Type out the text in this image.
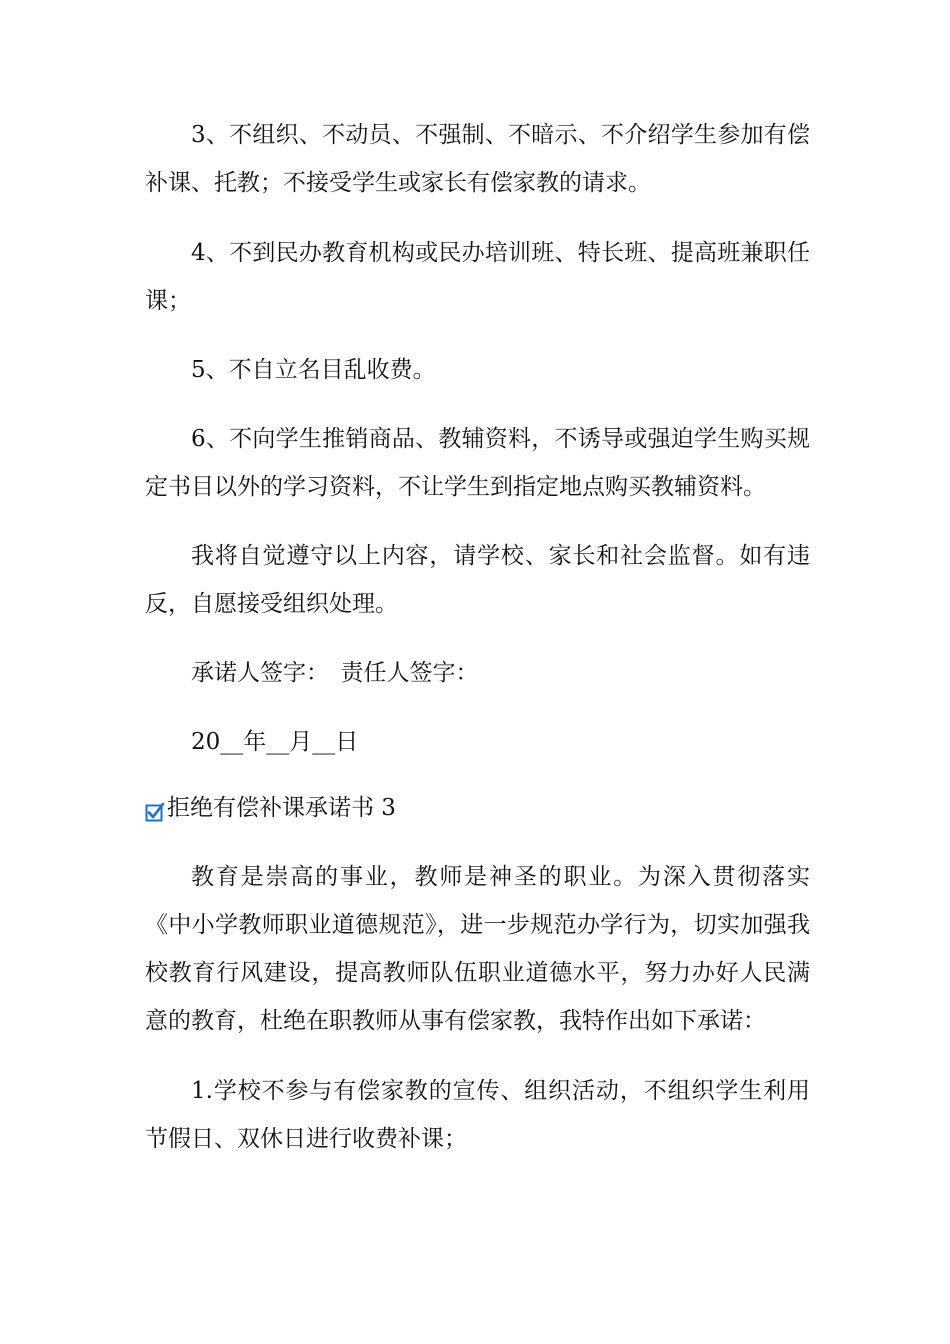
3、不组织、不动员、不强制、不暗示、不介绍学生参加有偿补课、托教；不接受学生或家长有偿家教的请求。

4、不到民办教育机构或民办培训班、特长班、提高班兼职任课；

5、不自立名目乱收费。

6、不向学生推销商品、教辅资料，不诱导或强迫学生购买规定书目以外的学习资料，不让学生到指定地点购买教辅资料。

我将自觉遵守以上内容，请学校、家长和社会监督。如有违反，自愿接受组织处理。

承诺人签字：　责任人签字：

20__年__月__日

拒绝有偿补课承诺书 3

教育是崇高的事业，教师是神圣的职业。为深入贯彻落实《中小学教师职业道德规范》，进一步规范办学行为，切实加强我校教育行风建设，提高教师队伍职业道德水平，努力办好人民满意的教育，杜绝在职教师从事有偿家教，我特作出如下承诺：

1.学校不参与有偿家教的宣传、组织活动，不组织学生利用节假日、双休日进行收费补课；
